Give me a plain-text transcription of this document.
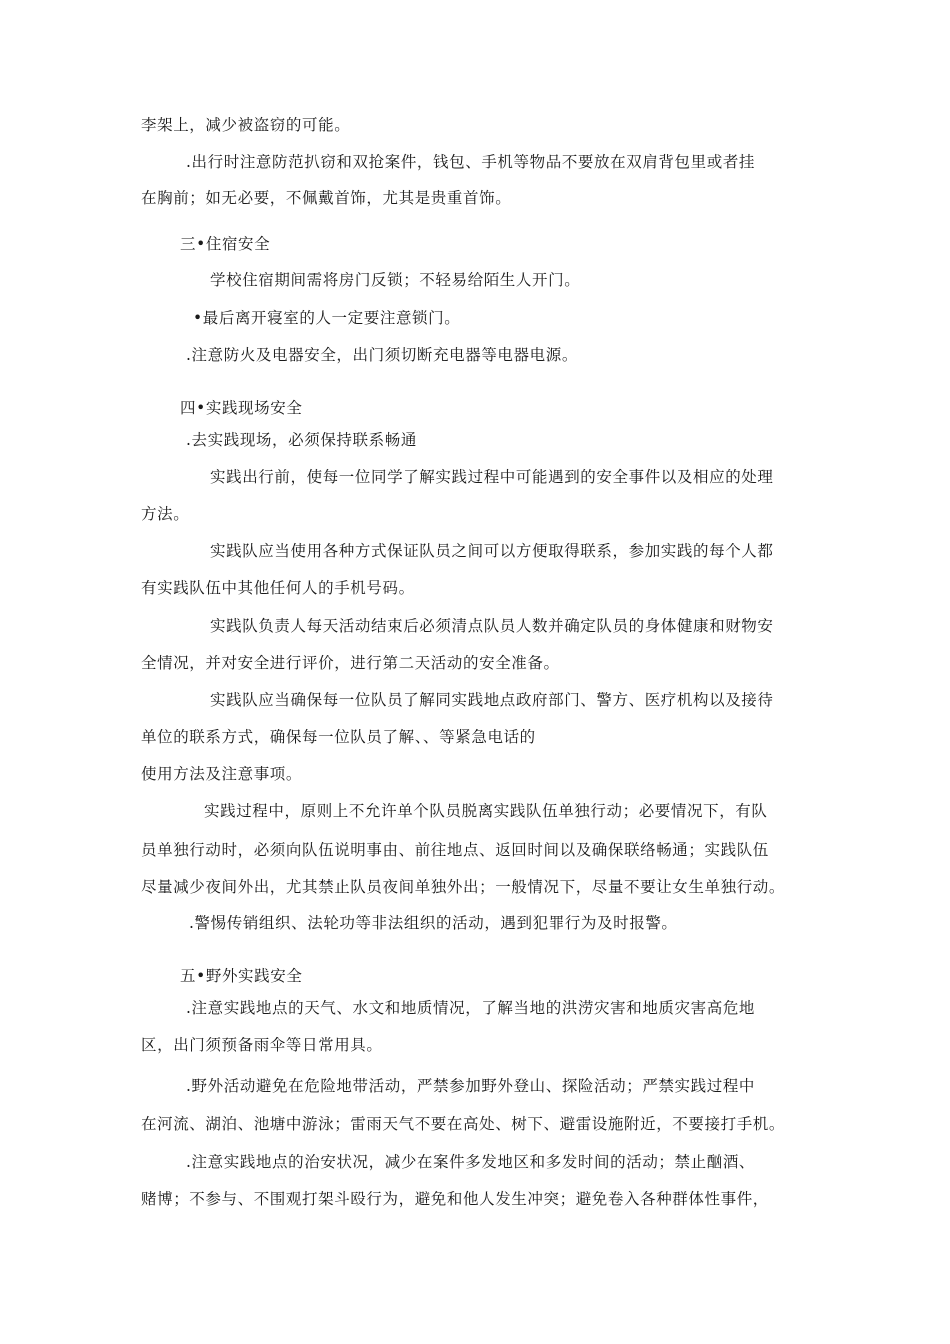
李架上，减少被盗窃的可能。
.出行时注意防范扒窃和双抢案件，钱包、手机等物品不要放在双肩背包里或者挂
在胸前；如无必要，不佩戴首饰，尤其是贵重首饰。
三•住宿安全
学校住宿期间需将房门反锁；不轻易给陌生人开门。
•最后离开寝室的人一定要注意锁门。
.注意防火及电器安全，出门须切断充电器等电器电源。
四•实践现场安全
.去实践现场，必须保持联系畅通
实践出行前，使每一位同学了解实践过程中可能遇到的安全事件以及相应的处理
方法。
实践队应当使用各种方式保证队员之间可以方便取得联系，参加实践的每个人都
有实践队伍中其他任何人的手机号码。
实践队负责人每天活动结束后必须清点队员人数并确定队员的身体健康和财物安
全情况，并对安全进行评价，进行第二天活动的安全准备。
实践队应当确保每一位队员了解同实践地点政府部门、警方、医疗机构以及接待
单位的联系方式，确保每一位队员了解、、等紧急电话的
使用方法及注意事项。
实践过程中，原则上不允许单个队员脱离实践队伍单独行动；必要情况下，有队
员单独行动时，必须向队伍说明事由、前往地点、返回时间以及确保联络畅通；实践队伍
尽量减少夜间外出，尤其禁止队员夜间单独外出；一般情况下，尽量不要让女生单独行动。
.警惕传销组织、法轮功等非法组织的活动，遇到犯罪行为及时报警。
五•野外实践安全
.注意实践地点的天气、水文和地质情况，了解当地的洪涝灾害和地质灾害高危地
区，出门须预备雨伞等日常用具。
.野外活动避免在危险地带活动，严禁参加野外登山、探险活动；严禁实践过程中
在河流、湖泊、池塘中游泳；雷雨天气不要在高处、树下、避雷设施附近，不要接打手机。
.注意实践地点的治安状况，减少在案件多发地区和多发时间的活动；禁止酗酒、
赌博；不参与、不围观打架斗殴行为，避免和他人发生冲突；避免卷入各种群体性事件，
